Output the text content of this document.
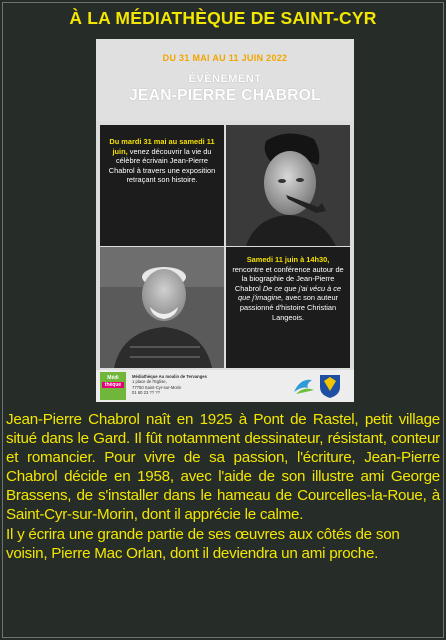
À LA MÉDIATHÈQUE DE SAINT-CYR
DU 31 MAI AU 11 JUIN 2022
ÉVÈNEMENT
JEAN-PIERRE CHABROL
Du mardi 31 mai au samedi 11 juin, venez découvrir la vie du célèbre écrivain Jean-Pierre Chabrol à travers une exposition retraçant son histoire.
Samedi 11 juin à 14h30, rencontre et conférence autour de la biographie de Jean-Pierre Chabrol De ce que j'ai vécu à ce que j'imagine, avec son auteur passionné d'histoire Christian Langeois.
Médi
thèque
Médiathèque Au moulin de Tervanges
1 place de l'Eglise,
77750 Saint-Cyr-sur-Morin
01 60 23 ?? ??

Jean-Pierre Chabrol naît en 1925 à Pont de Rastel, petit village situé dans le Gard. Il fût notamment dessinateur, résistant, conteur et romancier. Pour vivre de sa passion, l'écriture, Jean-Pierre Chabrol décide en 1958, avec l'aide de son illustre ami George Brassens, de s'installer dans le hameau de Courcelles-la-Roue, à Saint-Cyr-sur-Morin, dont il apprécie le calme.

Il y écrira une grande partie de ses œuvres aux côtés de son voisin, Pierre Mac Orlan, dont il deviendra un ami proche.
